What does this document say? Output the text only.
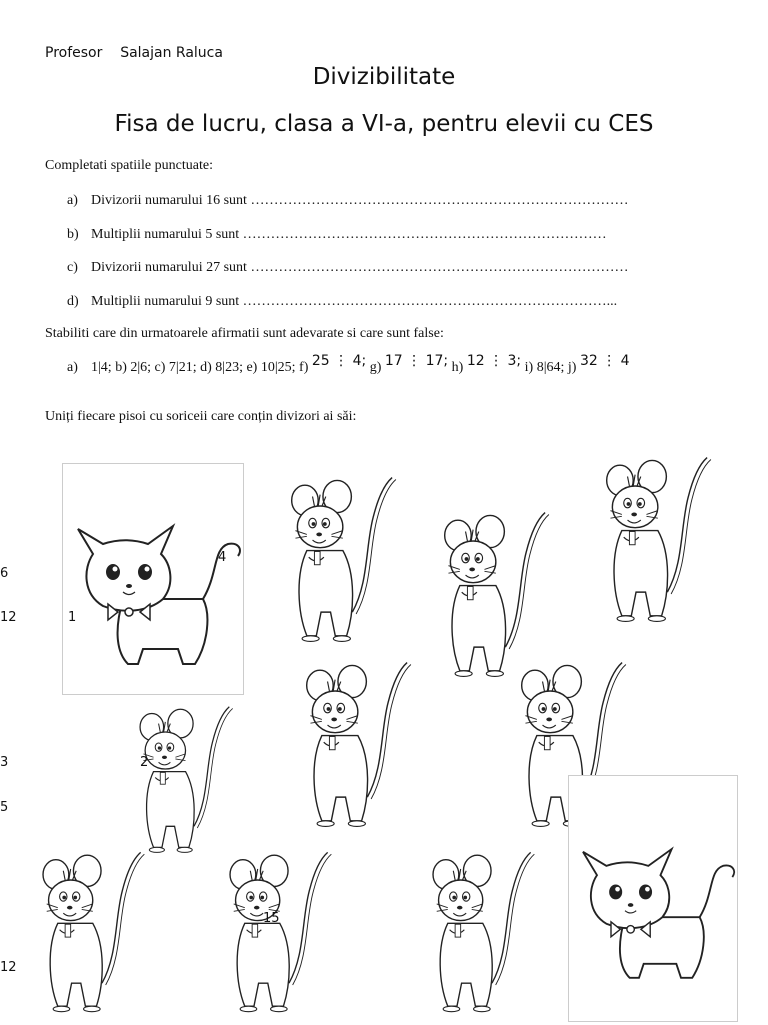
Profesor Salajan Raluca
Divizibilitate
Fisa de lucru, clasa a VI-a, pentru elevii cu CES
Completati spatiile punctuate:
a) Divizorii numarului 16 sunt ………………………………………………………………………
b) Multiplii numarului 5 sunt ……………………………………………………………………
c) Divizorii numarului 27 sunt ………………………………………………………………………
d) Multiplii numarului 9 sunt ……………………………………………………………………...
Stabiliti care din urmatoarele afirmatii sunt adevarate si care sunt false:
a) 1|4; b) 2|6; c) 7|21; d) 8|23; e) 10|25; f) 25 ⋮ 4; g) 17 ⋮ 17; h) 12 ⋮ 3; i) 8|64; j) 32 ⋮ 4
Uniți fiecare pisoi cu soriceii care conțin divizori ai săi:
6
12
4
1
3	2
5
12
15
